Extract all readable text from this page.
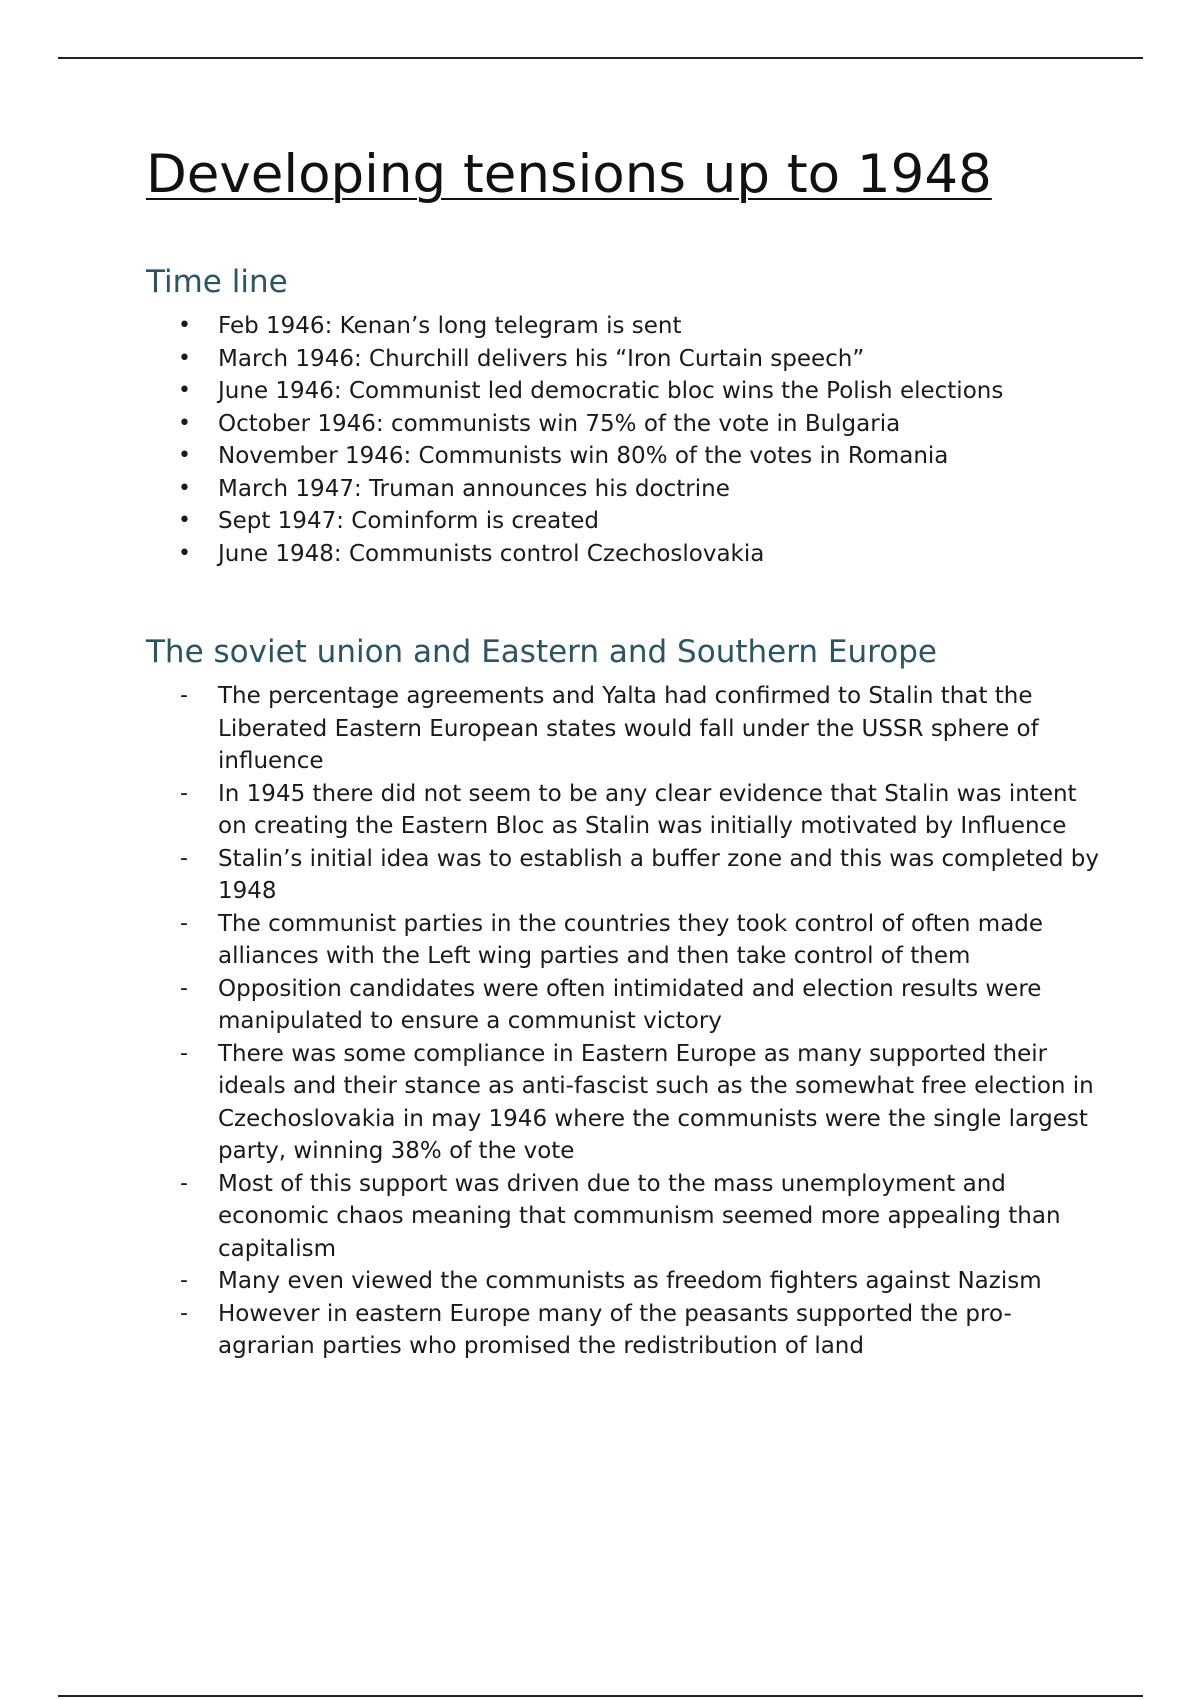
Developing tensions up to 1948
Time line
•	Feb 1946: Kenan’s long telegram is sent
•	March 1946: Churchill delivers his “Iron Curtain speech”
•	June 1946: Communist led democratic bloc wins the Polish elections
•	October 1946: communists win 75% of the vote in Bulgaria
•	November 1946: Communists win 80% of the votes in Romania
•	March 1947: Truman announces his doctrine
•	Sept 1947: Cominform is created
•	June 1948: Communists control Czechoslovakia
The soviet union and Eastern and Southern Europe
-	The percentage agreements and Yalta had confirmed to Stalin that the Liberated Eastern European states would fall under the USSR sphere of influence
-	In 1945 there did not seem to be any clear evidence that Stalin was intent on creating the Eastern Bloc as Stalin was initially motivated by Influence
-	Stalin’s initial idea was to establish a buffer zone and this was completed by 1948
-	The communist parties in the countries they took control of often made alliances with the Left wing parties and then take control of them
-	Opposition candidates were often intimidated and election results were manipulated to ensure a communist victory
-	There was some compliance in Eastern Europe as many supported their ideals and their stance as anti-fascist such as the somewhat free election in Czechoslovakia in may 1946 where the communists were the single largest party, winning 38% of the vote
-	Most of this support was driven due to the mass unemployment and economic chaos meaning that communism seemed more appealing than capitalism
-	Many even viewed the communists as freedom fighters against Nazism
-	However in eastern Europe many of the peasants supported the pro-agrarian parties who promised the redistribution of land
